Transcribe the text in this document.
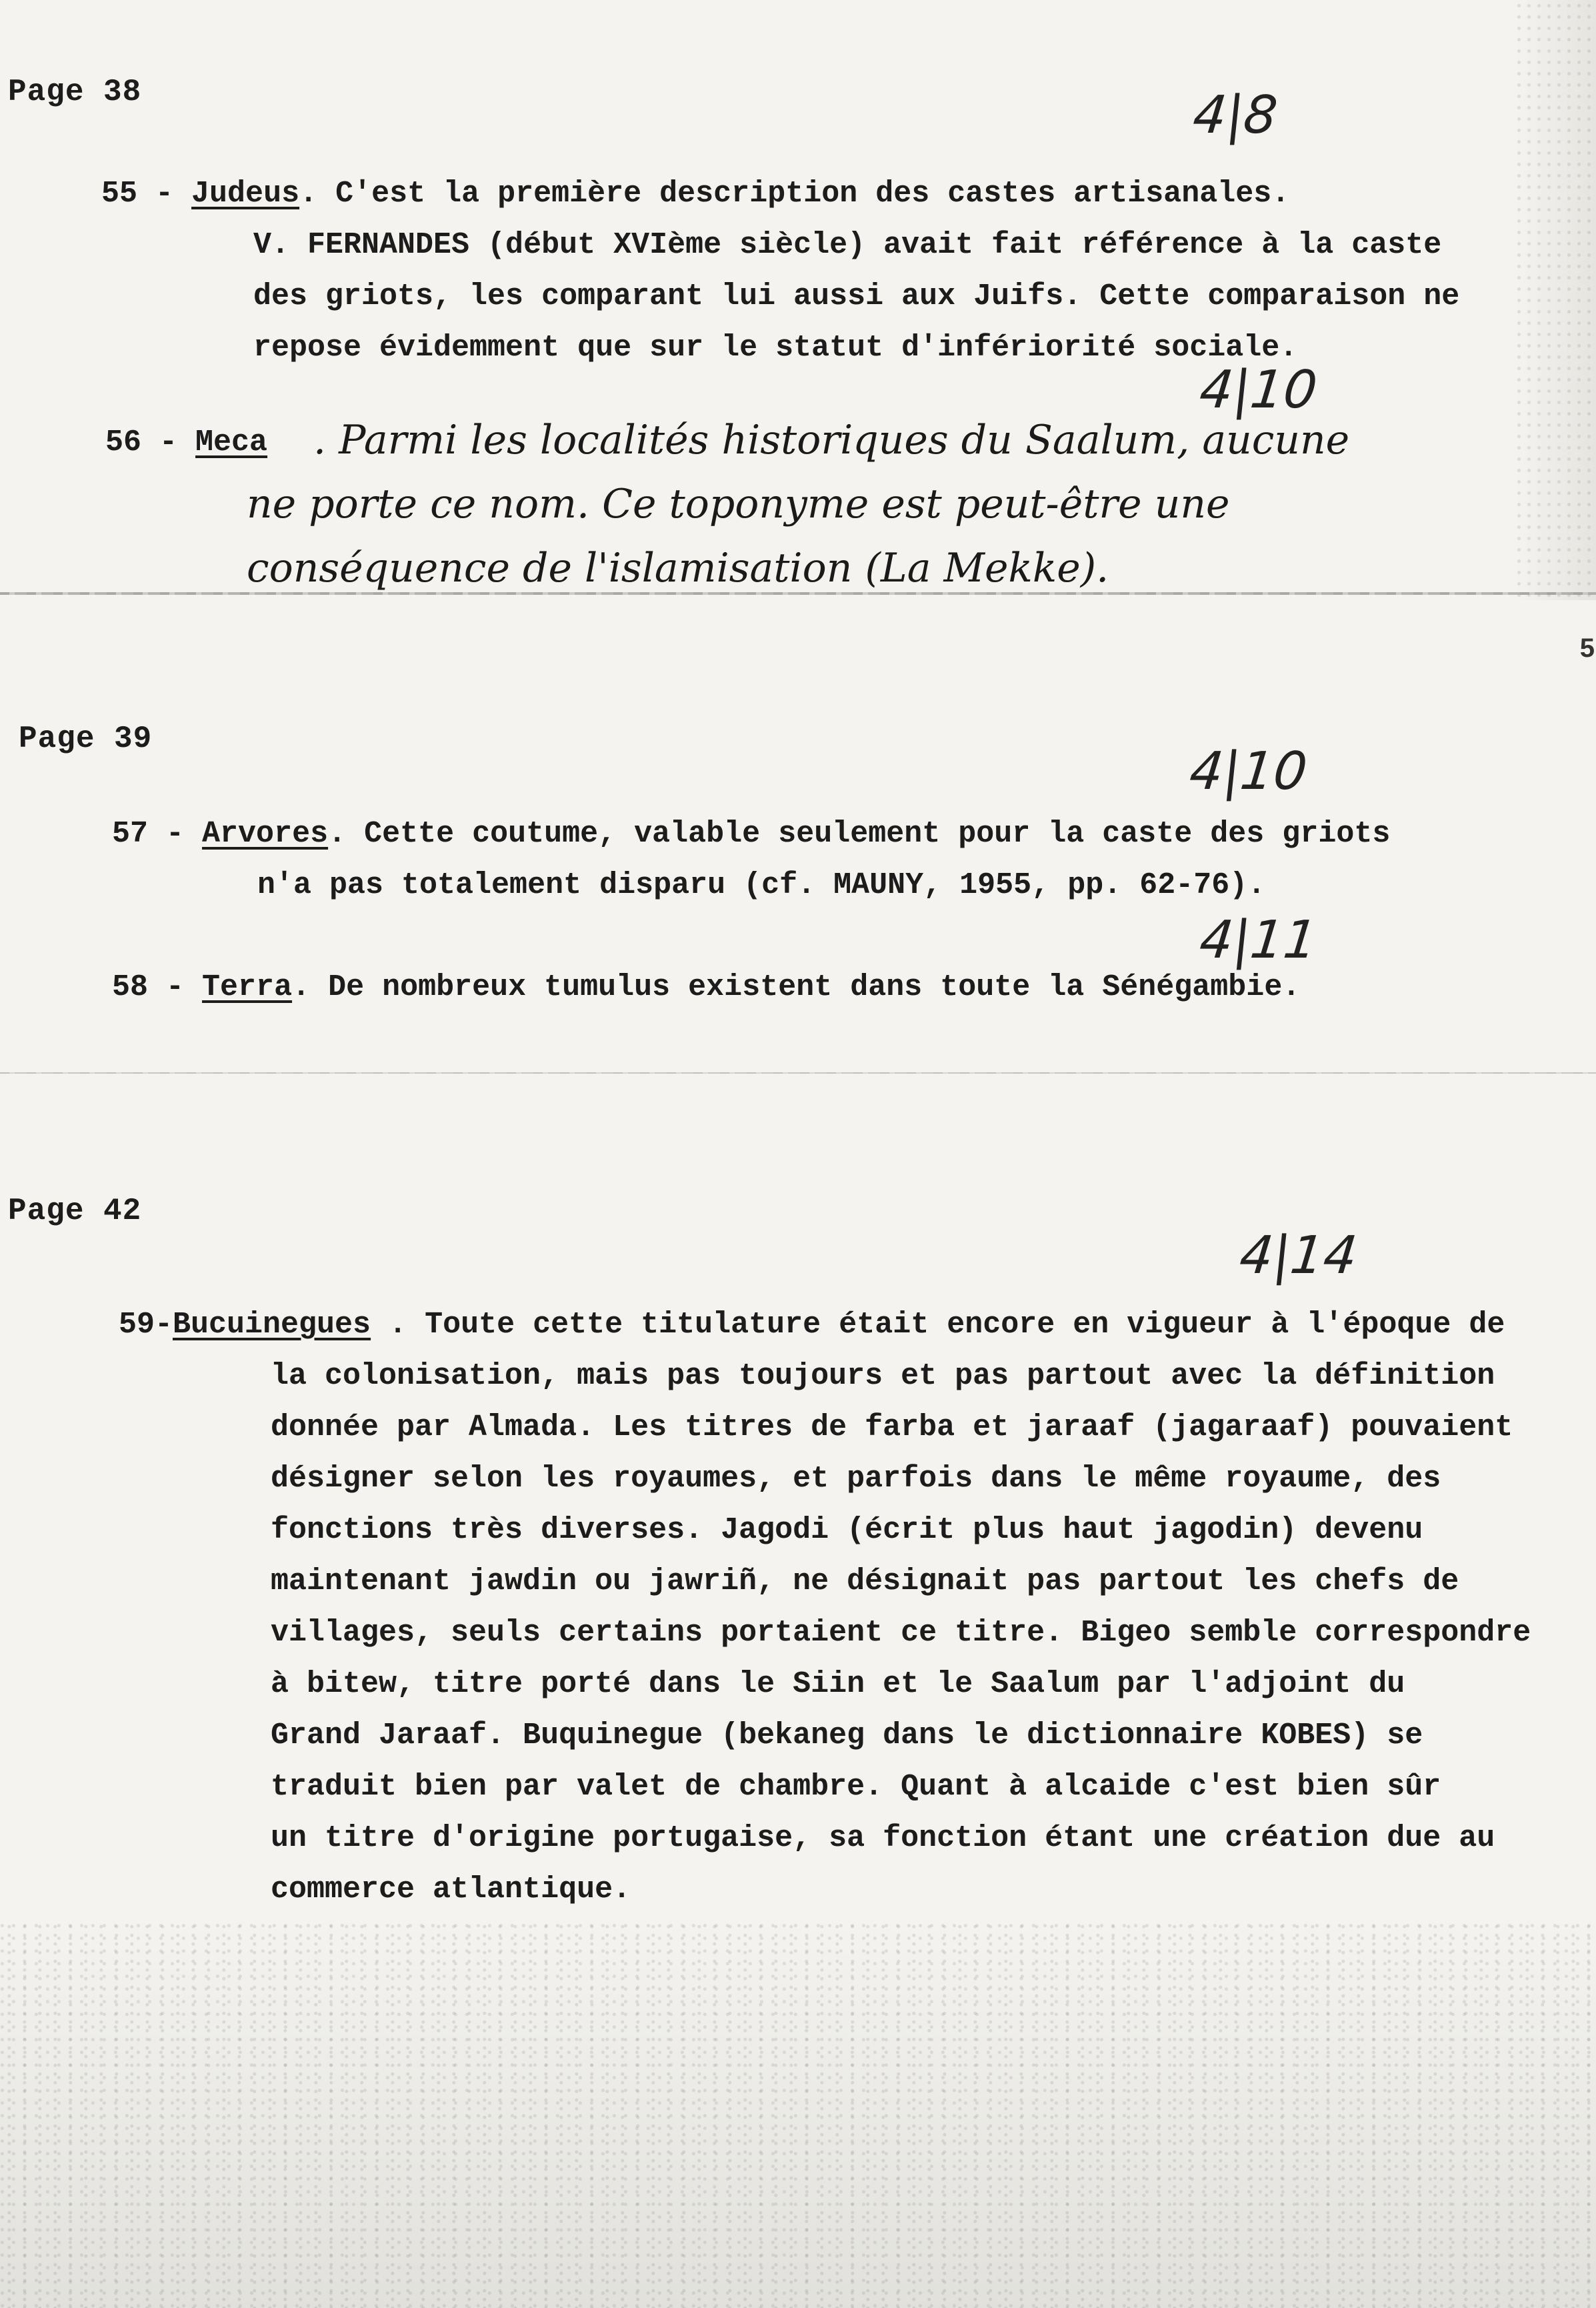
Page 38	4|8
55 - Judeus. C'est la première description des castes artisanales.
V. FERNANDES (début XVIème siècle) avait fait référence à la caste
des griots, les comparant lui aussi aux Juifs. Cette comparaison ne
repose évidemment que sur le statut d'infériorité sociale.
4|10
56 - Meca . Parmi les localités historiques du Saalum, aucune
ne porte ce nom. Ce toponyme est peut-être une
conséquence de l'islamisation (La Mekke).
5
Page 39
4|10
57 - Arvores. Cette coutume, valable seulement pour la caste des griots
n'a pas totalement disparu (cf. MAUNY, 1955, pp. 62-76).
4|11
58 - Terra. De nombreux tumulus existent dans toute la Sénégambie.
Page 42
4|14
59-Bucuinegues . Toute cette titulature était encore en vigueur à l'époque de
la colonisation, mais pas toujours et pas partout avec la définition
donnée par Almada. Les titres de farba et jaraaf (jagaraaf) pouvaient
désigner selon les royaumes, et parfois dans le même royaume, des
fonctions très diverses. Jagodi (écrit plus haut jagodin) devenu
maintenant jawdin ou jawriñ, ne désignait pas partout les chefs de
villages, seuls certains portaient ce titre. Bigeo semble correspondre
à bitew, titre porté dans le Siin et le Saalum par l'adjoint du
Grand Jaraaf. Buquinegue (bekaneg dans le dictionnaire KOBES) se
traduit bien par valet de chambre. Quant à alcaide c'est bien sûr
un titre d'origine portugaise, sa fonction étant une création due au
commerce atlantique.
